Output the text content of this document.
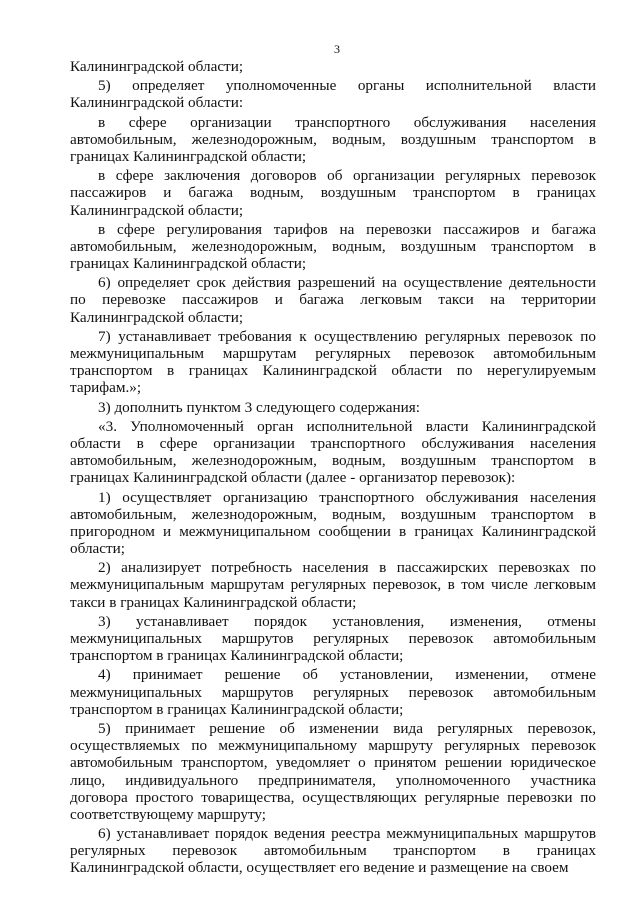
3
Калининградской области;
5) определяет уполномоченные органы исполнительной власти
Калининградской области:
в сфере организации транспортного обслуживания населения
автомобильным, железнодорожным, водным, воздушным транспортом в
границах Калининградской области;
в сфере заключения договоров об организации регулярных перевозок
пассажиров и багажа водным, воздушным транспортом в границах
Калининградской области;
в сфере регулирования тарифов на перевозки пассажиров и багажа
автомобильным, железнодорожным, водным, воздушным транспортом в
границах Калининградской области;
6) определяет срок действия разрешений на осуществление деятельности
по перевозке пассажиров и багажа легковым такси на территории
Калининградской области;
7) устанавливает требования к осуществлению регулярных перевозок по
межмуниципальным маршрутам регулярных перевозок автомобильным
транспортом в границах Калининградской области по нерегулируемым
тарифам.»;
3) дополнить пунктом 3 следующего содержания:
«3. Уполномоченный орган исполнительной власти Калининградской
области в сфере организации транспортного обслуживания населения
автомобильным, железнодорожным, водным, воздушным транспортом в
границах Калининградской области (далее - организатор перевозок):
1) осуществляет организацию транспортного обслуживания населения
автомобильным, железнодорожным, водным, воздушным транспортом в
пригородном и межмуниципальном сообщении в границах Калининградской
области;
2) анализирует потребность населения в пассажирских перевозках по
межмуниципальным маршрутам регулярных перевозок, в том числе легковым
такси в границах Калининградской области;
3) устанавливает порядок установления, изменения, отмены
межмуниципальных маршрутов регулярных перевозок автомобильным
транспортом в границах Калининградской области;
4) принимает решение об установлении, изменении, отмене
межмуниципальных маршрутов регулярных перевозок автомобильным
транспортом в границах Калининградской области;
5) принимает решение об изменении вида регулярных перевозок,
осуществляемых по межмуниципальному маршруту регулярных перевозок
автомобильным транспортом, уведомляет о принятом решении юридическое
лицо, индивидуального предпринимателя, уполномоченного участника
договора простого товарищества, осуществляющих регулярные перевозки по
соответствующему маршруту;
6) устанавливает порядок ведения реестра межмуниципальных маршрутов
регулярных перевозок автомобильным транспортом в границах
Калининградской области, осуществляет его ведение и размещение на своем
